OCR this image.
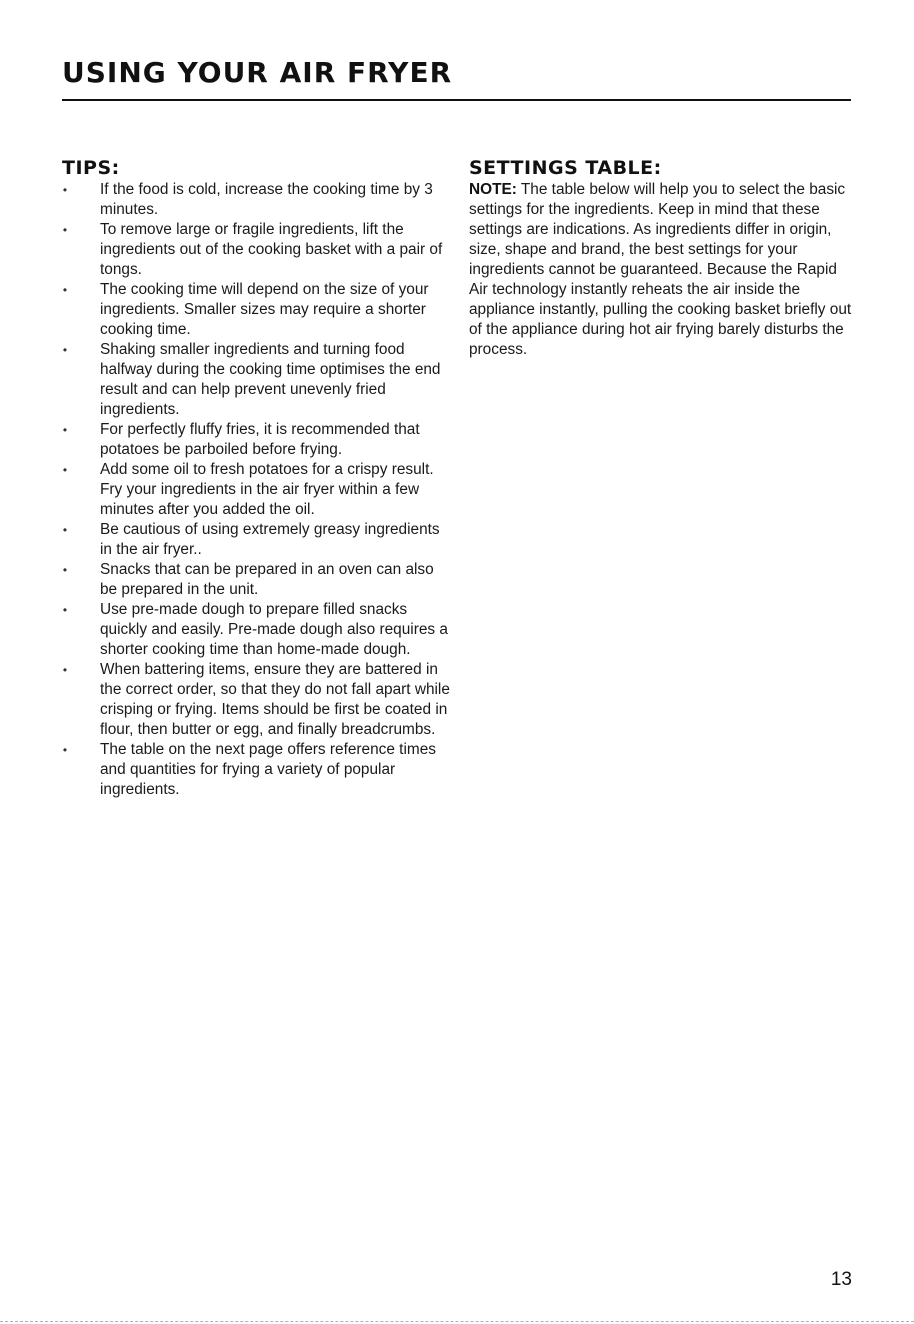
USING YOUR AIR FRYER
TIPS:
• If the food is cold, increase the cooking time by 3 minutes.
• To remove large or fragile ingredients, lift the ingredients out of the cooking basket with a pair of tongs.
• The cooking time will depend on the size of your ingredients. Smaller sizes may require a shorter cooking time.
• Shaking smaller ingredients and turning food halfway during the cooking time optimises the end result and can help prevent unevenly fried ingredients.
• For perfectly fluffy fries, it is recommended that potatoes be parboiled before frying.
• Add some oil to fresh potatoes for a crispy result. Fry your ingredients in the air fryer within a few minutes after you added the oil.
• Be cautious of using extremely greasy ingredients in the air fryer..
• Snacks that can be prepared in an oven can also be prepared in the unit.
• Use pre-made dough to prepare filled snacks quickly and easily. Pre-made dough also requires a shorter cooking time than home-made dough.
• When battering items, ensure they are battered in the correct order, so that they do not fall apart while crisping or frying. Items should be first be coated in flour, then butter or egg, and finally breadcrumbs.
• The table on the next page offers reference times and quantities for frying a variety of popular ingredients.
SETTINGS TABLE:

NOTE: The table below will help you to select the basic settings for the ingredients. Keep in mind that these settings are indications. As ingredients differ in origin, size, shape and brand, the best settings for your ingredients cannot be guaranteed. Because the Rapid Air technology instantly reheats the air inside the appliance instantly, pulling the cooking basket briefly out of the appliance during hot air frying barely disturbs the process.

13
